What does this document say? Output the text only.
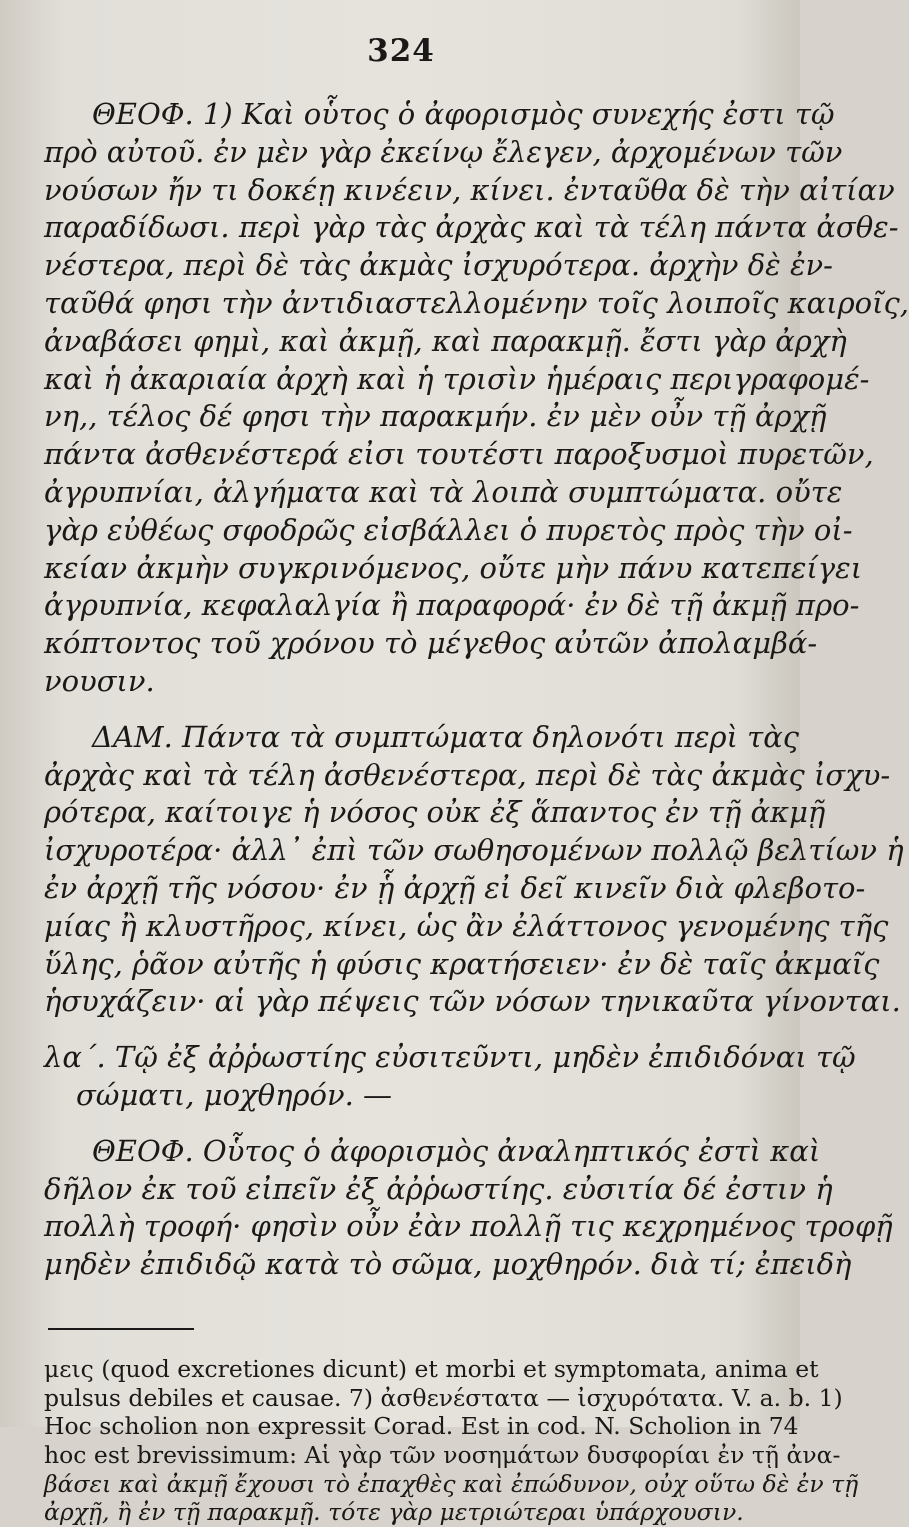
324
ΘΕΟΦ. 1) Καὶ οὗτος ὁ ἀφορισμὸς συνεχής ἐστι τῷ
πρὸ αὐτοῦ. ἐν μὲν γὰρ ἐκείνῳ ἔλεγεν, ἀρχομένων τῶν
νούσων ἤν τι δοκέῃ κινέειν, κίνει. ἐνταῦθα δὲ τὴν αἰτίαν
παραδίδωσι. περὶ γὰρ τὰς ἀρχὰς καὶ τὰ τέλη πάντα ἀσθε-
νέστερα, περὶ δὲ τὰς ἀκμὰς ἰσχυρότερα. ἀρχὴν δὲ ἐν-
ταῦθά φησι τὴν ἀντιδιαστελλομένην τοῖς λοιποῖς καιροῖς,
ἀναβάσει φημὶ, καὶ ἀκμῇ, καὶ παρακμῇ. ἔστι γὰρ ἀρχὴ
καὶ ἡ ἀκαριαία ἀρχὴ καὶ ἡ τρισὶν ἡμέραις περιγραφομέ-
νη,, τέλος δέ φησι τὴν παρακμήν. ἐν μὲν οὖν τῇ ἀρχῇ
πάντα ἀσθενέστερά εἰσι τουτέστι παροξυσμοὶ πυρετῶν,
ἀγρυπνίαι, ἀλγήματα καὶ τὰ λοιπὰ συμπτώματα. οὔτε
γὰρ εὐθέως σφοδρῶς εἰσβάλλει ὁ πυρετὸς πρὸς τὴν οἰ-
κείαν ἀκμὴν συγκρινόμενος, οὔτε μὴν πάνυ κατεπείγει
ἀγρυπνία, κεφαλαλγία ἢ παραφορά· ἐν δὲ τῇ ἀκμῇ προ-
κόπτοντος τοῦ χρόνου τὸ μέγεθος αὐτῶν ἀπολαμβά-
νουσιν.
ΔΑΜ. Πάντα τὰ συμπτώματα δηλονότι περὶ τὰς
ἀρχὰς καὶ τὰ τέλη ἀσθενέστερα, περὶ δὲ τὰς ἀκμὰς ἰσχυ-
ρότερα, καίτοιγε ἡ νόσος οὐκ ἐξ ἅπαντος ἐν τῇ ἀκμῇ
ἰσχυροτέρα· ἀλλ᾿ ἐπὶ τῶν σωθησομένων πολλῷ βελτίων ἡ
ἐν ἀρχῇ τῆς νόσου· ἐν ᾗ ἀρχῇ εἰ δεῖ κινεῖν διὰ φλεβοτο-
μίας ἢ κλυστῆρος, κίνει, ὡς ἂν ἐλάττονος γενομένης τῆς
ὕλης, ῥᾶον αὐτῆς ἡ φύσις κρατήσειεν· ἐν δὲ ταῖς ἀκμαῖς
ἡσυχάζειν· αἱ γὰρ πέψεις τῶν νόσων τηνικαῦτα γίνονται.
λα΄. Τῷ ἐξ ἀῤῥωστίης εὐσιτεῦντι, μηδὲν ἐπιδιδόναι τῷ
σώματι, μοχθηρόν. —
ΘΕΟΦ. Οὗτος ὁ ἀφορισμὸς ἀναληπτικός ἐστὶ καὶ
δῆλον ἐκ τοῦ εἰπεῖν ἐξ ἀῤῥωστίης. εὐσιτία δέ ἐστιν ἡ
πολλὴ τροφή· φησὶν οὖν ἐὰν πολλῇ τις κεχρημένος τροφῇ
μηδὲν ἐπιδιδῷ κατὰ τὸ σῶμα, μοχθηρόν. διὰ τί; ἐπειδὴ
μεις (quod excretiones dicunt) et morbi et symptomata, anima et
pulsus debiles et causae. 7) ἀσθενέστατα — ἰσχυρότατα. V. a. b. 1)
Hoc scholion non expressit Corad. Est in cod. N. Scholion in 74
hoc est brevissimum: Αἱ γὰρ τῶν νοσημάτων δυσφορίαι ἐν τῇ ἀνα-
βάσει καὶ ἀκμῇ ἔχουσι τὸ ἐπαχθὲς καὶ ἐπώδυνον, οὐχ οὕτω δὲ ἐν τῇ
ἀρχῇ, ἢ ἐν τῇ παρακμῇ. τότε γὰρ μετριώτεραι ὑπάρχουσιν.
